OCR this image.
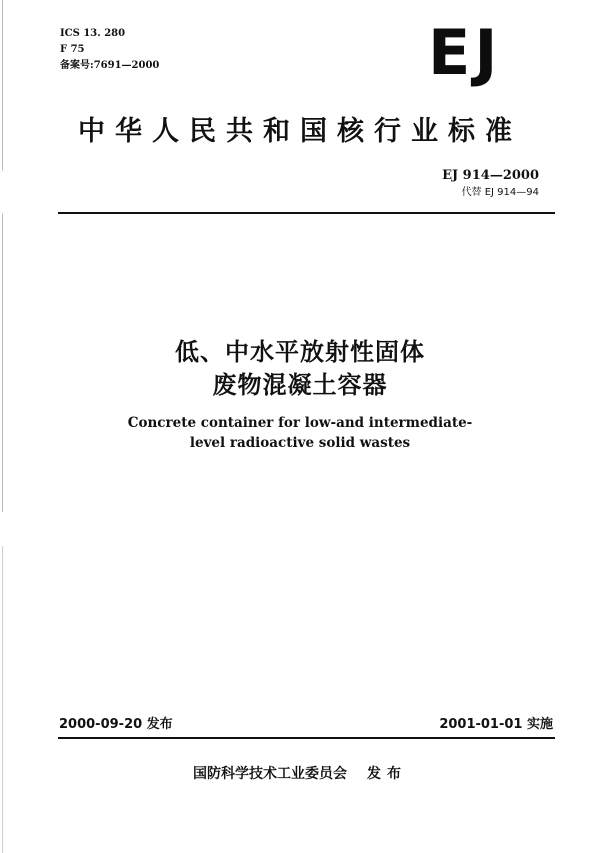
ICS 13. 280
F 75
备案号:7691—2000	EJ
中华人民共和国核行业标准
EJ 914—2000
代替 EJ 914—94
低、中水平放射性固体
废物混凝土容器
Concrete container for low-and intermediate-
level radioactive solid wastes
2000-09-20 发布	2001-01-01 实施
国防科学技术工业委员会 发布
